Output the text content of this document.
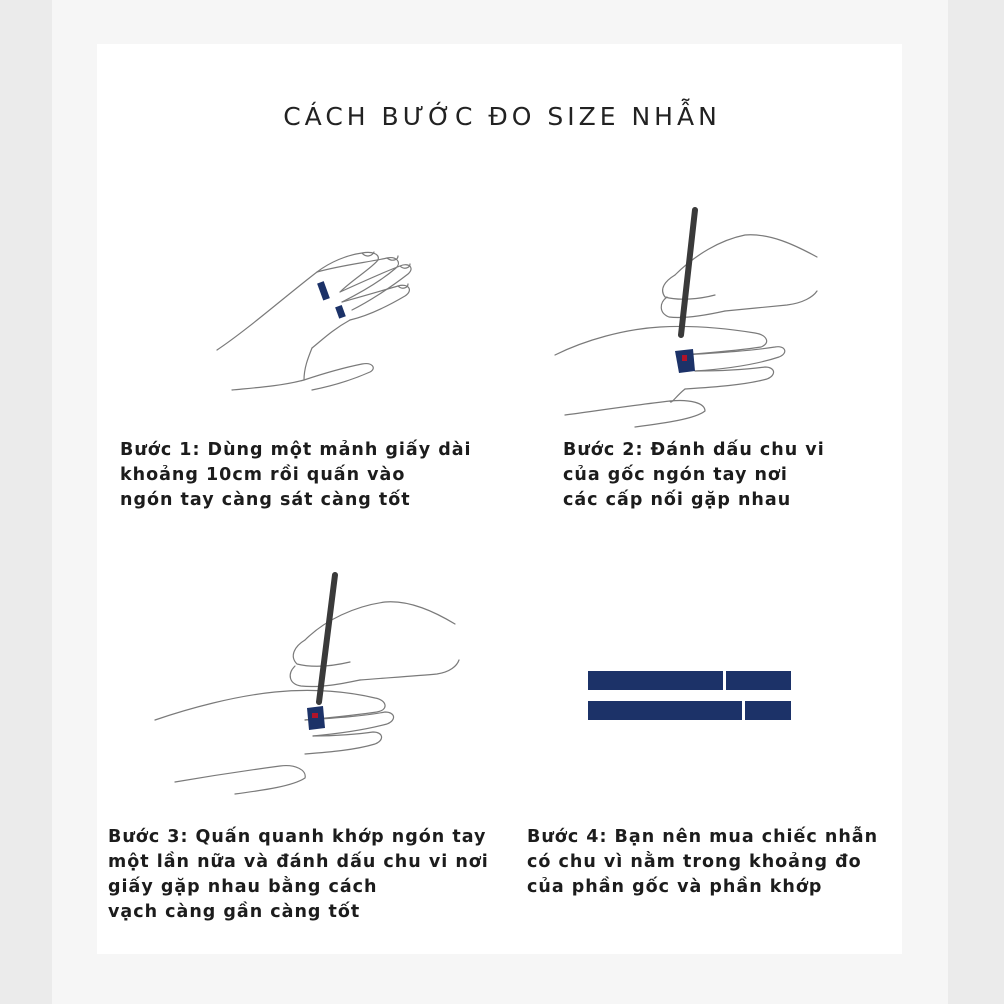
CÁCH BƯỚC ĐO SIZE NHẪN
Bước 1: Dùng một mảnh giấy dài
khoảng 10cm rồi quấn vào
ngón tay càng sát càng tốt
Bước 2: Đánh dấu chu vi
của gốc ngón tay nơi
các cấp nối gặp nhau
Bước 3: Quấn quanh khớp ngón tay
một lần nữa và đánh dấu chu vi nơi
giấy gặp nhau bằng cách
vạch càng gần càng tốt
Bước 4: Bạn nên mua chiếc nhẫn
có chu vì nằm trong khoảng đo
của phần gốc và phần khớp
